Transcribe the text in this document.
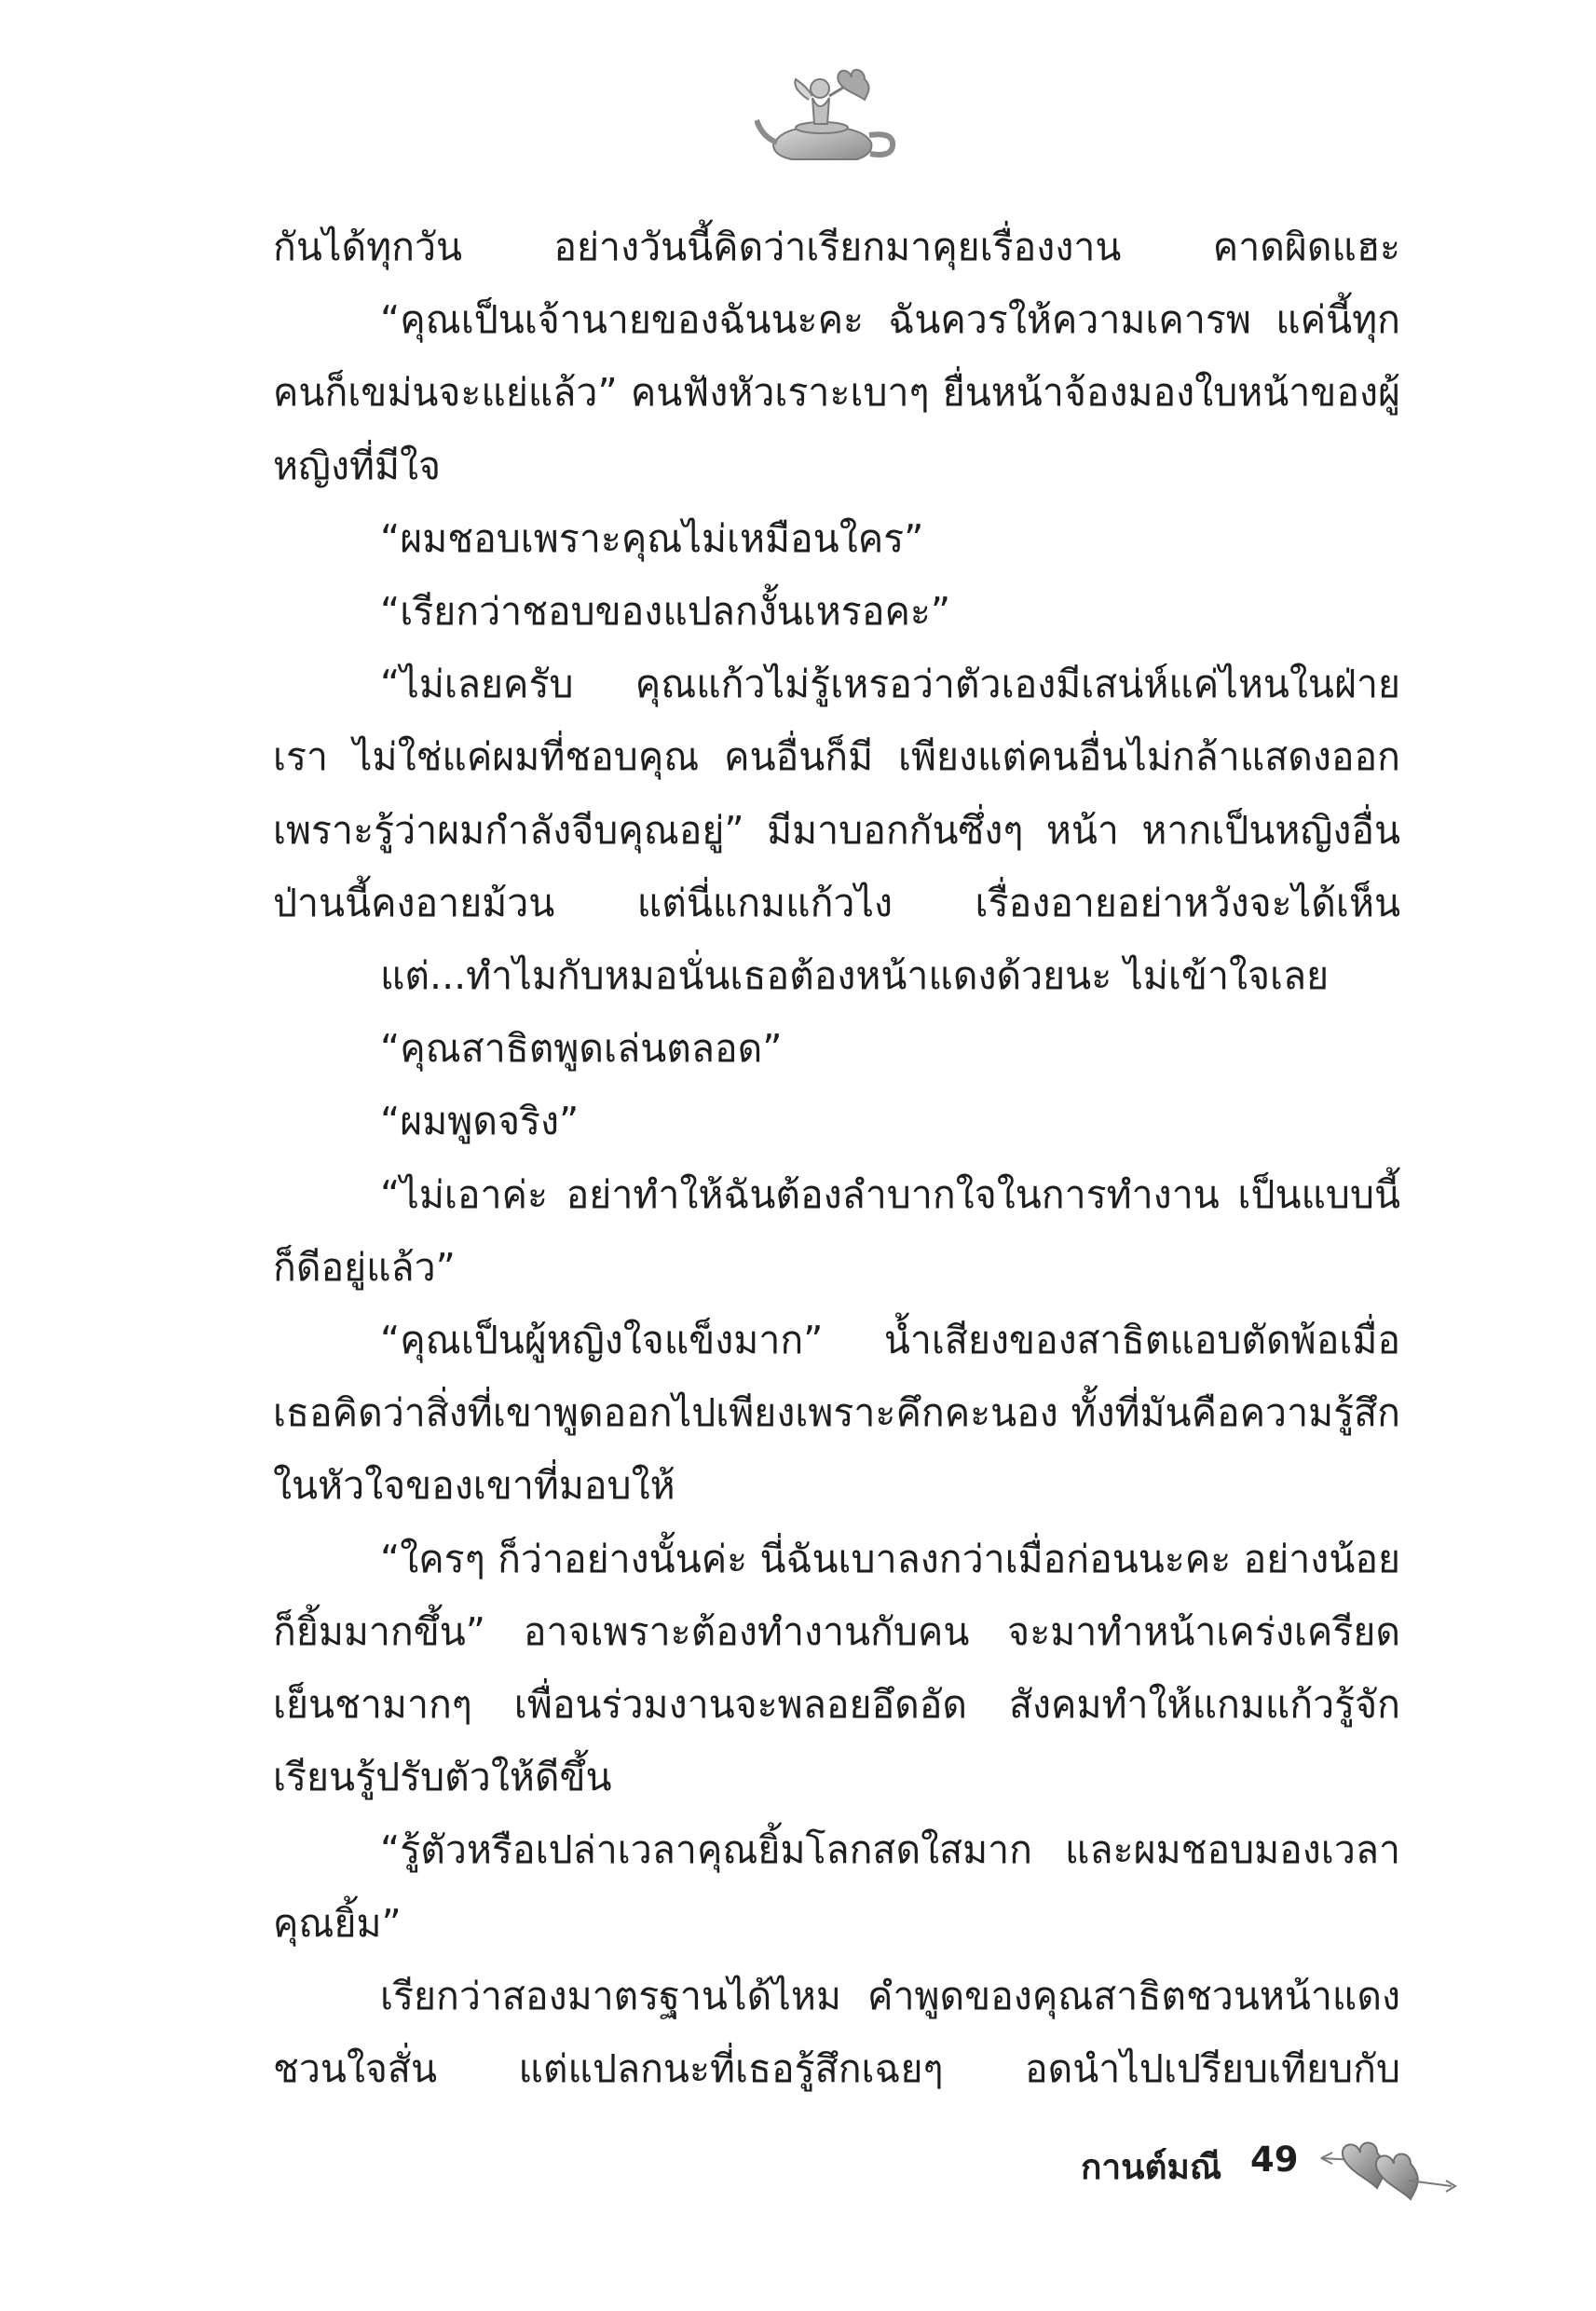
กันได้ทุกวัน อย่างวันนี้คิดว่าเรียกมาคุยเรื่องงาน คาดผิดแฮะ

“คุณเป็นเจ้านายของฉันนะคะ ฉันควรให้ความเคารพ แค่นี้ทุกคนก็เขม่นจะแย่แล้ว” คนฟังหัวเราะเบาๆ ยื่นหน้าจ้องมองใบหน้าของผู้หญิงที่มีใจ

“ผมชอบเพราะคุณไม่เหมือนใคร”

“เรียกว่าชอบของแปลกงั้นเหรอคะ”

“ไม่เลยครับ คุณแก้วไม่รู้เหรอว่าตัวเองมีเสน่ห์แค่ไหนในฝ่ายเรา ไม่ใช่แค่ผมที่ชอบคุณ คนอื่นก็มี เพียงแต่คนอื่นไม่กล้าแสดงออกเพราะรู้ว่าผมกำลังจีบคุณอยู่” มีมาบอกกันซึ่งๆ หน้า หากเป็นหญิงอื่นป่านนี้คงอายม้วน แต่นี่แกมแก้วไง เรื่องอายอย่าหวังจะได้เห็น

แต่...ทำไมกับหมอนั่นเธอต้องหน้าแดงด้วยนะ ไม่เข้าใจเลย

“คุณสาธิตพูดเล่นตลอด”

“ผมพูดจริง”

“ไม่เอาค่ะ อย่าทำให้ฉันต้องลำบากใจในการทำงาน เป็นแบบนี้ก็ดีอยู่แล้ว”

“คุณเป็นผู้หญิงใจแข็งมาก” น้ำเสียงของสาธิตแอบตัดพ้อเมื่อเธอคิดว่าสิ่งที่เขาพูดออกไปเพียงเพราะคึกคะนอง ทั้งที่มันคือความรู้สึกในหัวใจของเขาที่มอบให้

“ใครๆ ก็ว่าอย่างนั้นค่ะ นี่ฉันเบาลงกว่าเมื่อก่อนนะคะ อย่างน้อยก็ยิ้มมากขึ้น” อาจเพราะต้องทำงานกับคน จะมาทำหน้าเคร่งเครียดเย็นชามากๆ เพื่อนร่วมงานจะพลอยอึดอัด สังคมทำให้แกมแก้วรู้จักเรียนรู้ปรับตัวให้ดีขึ้น

“รู้ตัวหรือเปล่าเวลาคุณยิ้มโลกสดใสมาก และผมชอบมองเวลาคุณยิ้ม”

เรียกว่าสองมาตรฐานได้ไหม คำพูดของคุณสาธิตชวนหน้าแดง ชวนใจสั่น แต่แปลกนะที่เธอรู้สึกเฉยๆ อดนำไปเปรียบเทียบกับ

กานต์มณี 49
